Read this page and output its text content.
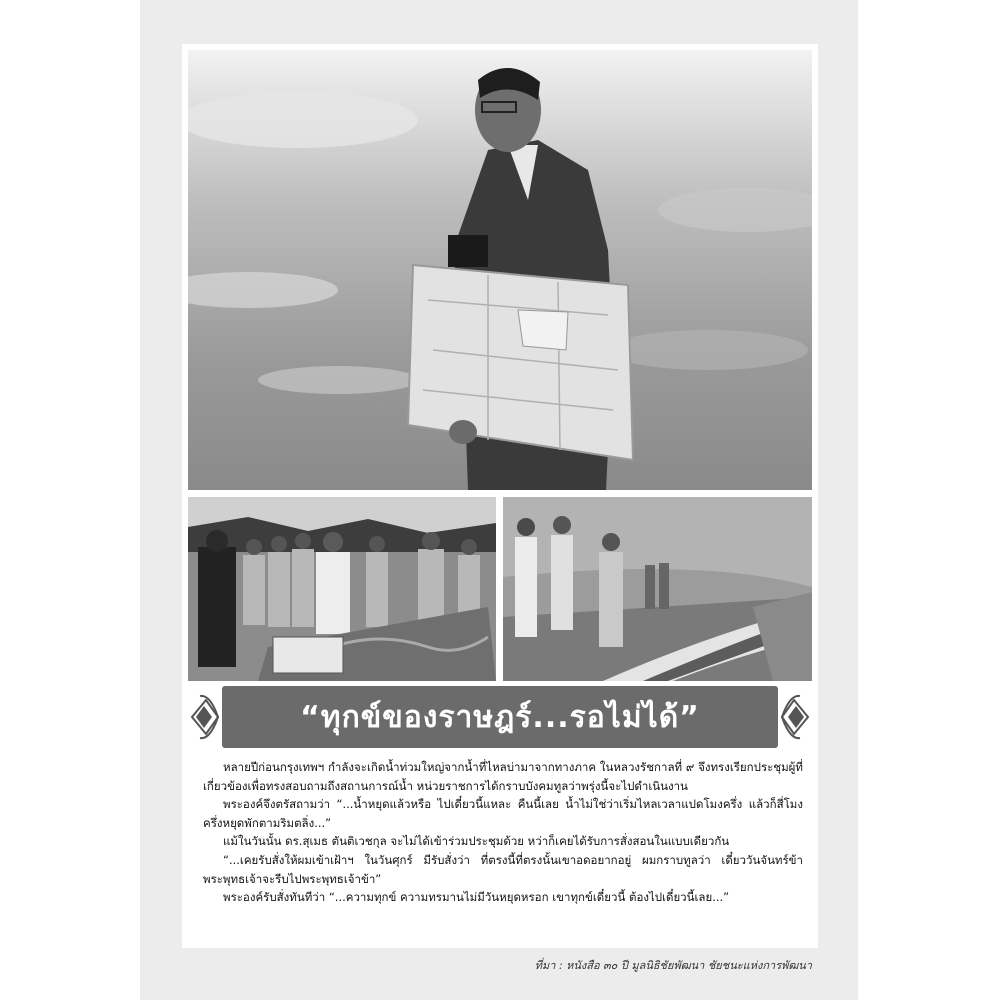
“ทุกข์ของราษฎร์...รอไม่ได้”

หลายปีก่อนกรุงเทพฯ กำลังจะเกิดน้ำท่วมใหญ่จากน้ำที่ไหลบ่ามาจากทางภาค ในหลวงรัชกาลที่ ๙ จึงทรงเรียกประชุมผู้ที่เกี่ยวข้องเพื่อทรงสอบถามถึงสถานการณ์น้ำ หน่วยราชการได้กราบบังคมทูลว่าพรุ่งนี้จะไปดำเนินงาน

พระองค์จึงตรัสถามว่า “...น้ำหยุดแล้วหรือ ไปเดี๋ยวนี้แหละ คืนนี้เลย น้ำไม่ใช่ว่าเริ่มไหลเวลาแปดโมงครึ่ง แล้วก็สี่โมงครึ่งหยุดพักตามริมตลิ่ง...”

แม้ในวันนั้น ดร.สุเมธ ตันติเวชกุล จะไม่ได้เข้าร่วมประชุมด้วย หว่าก็เคยได้รับการสั่งสอนในแบบเดียวกัน

“...เคยรับสั่งให้ผมเข้าเฝ้าฯ ในวันศุกร์ มีรับสั่งว่า ที่ตรงนี้ที่ตรงนั้นเขาอดอยากอยู่ ผมกราบทูลว่า เดี๋ยววันจันทร์ข้าพระพุทธเจ้าจะรีบไปพระพุทธเจ้าข้า”

พระองค์รับสั่งทันทีว่า “...ความทุกข์ ความทรมานไม่มีวันหยุดหรอก เขาทุกข์เดี๋ยวนี้ ต้องไปเดี๋ยวนี้เลย...”

ที่มา : หนังสือ ๓๐ ปี มูลนิธิชัยพัฒนา ชัยชนะแห่งการพัฒนา
